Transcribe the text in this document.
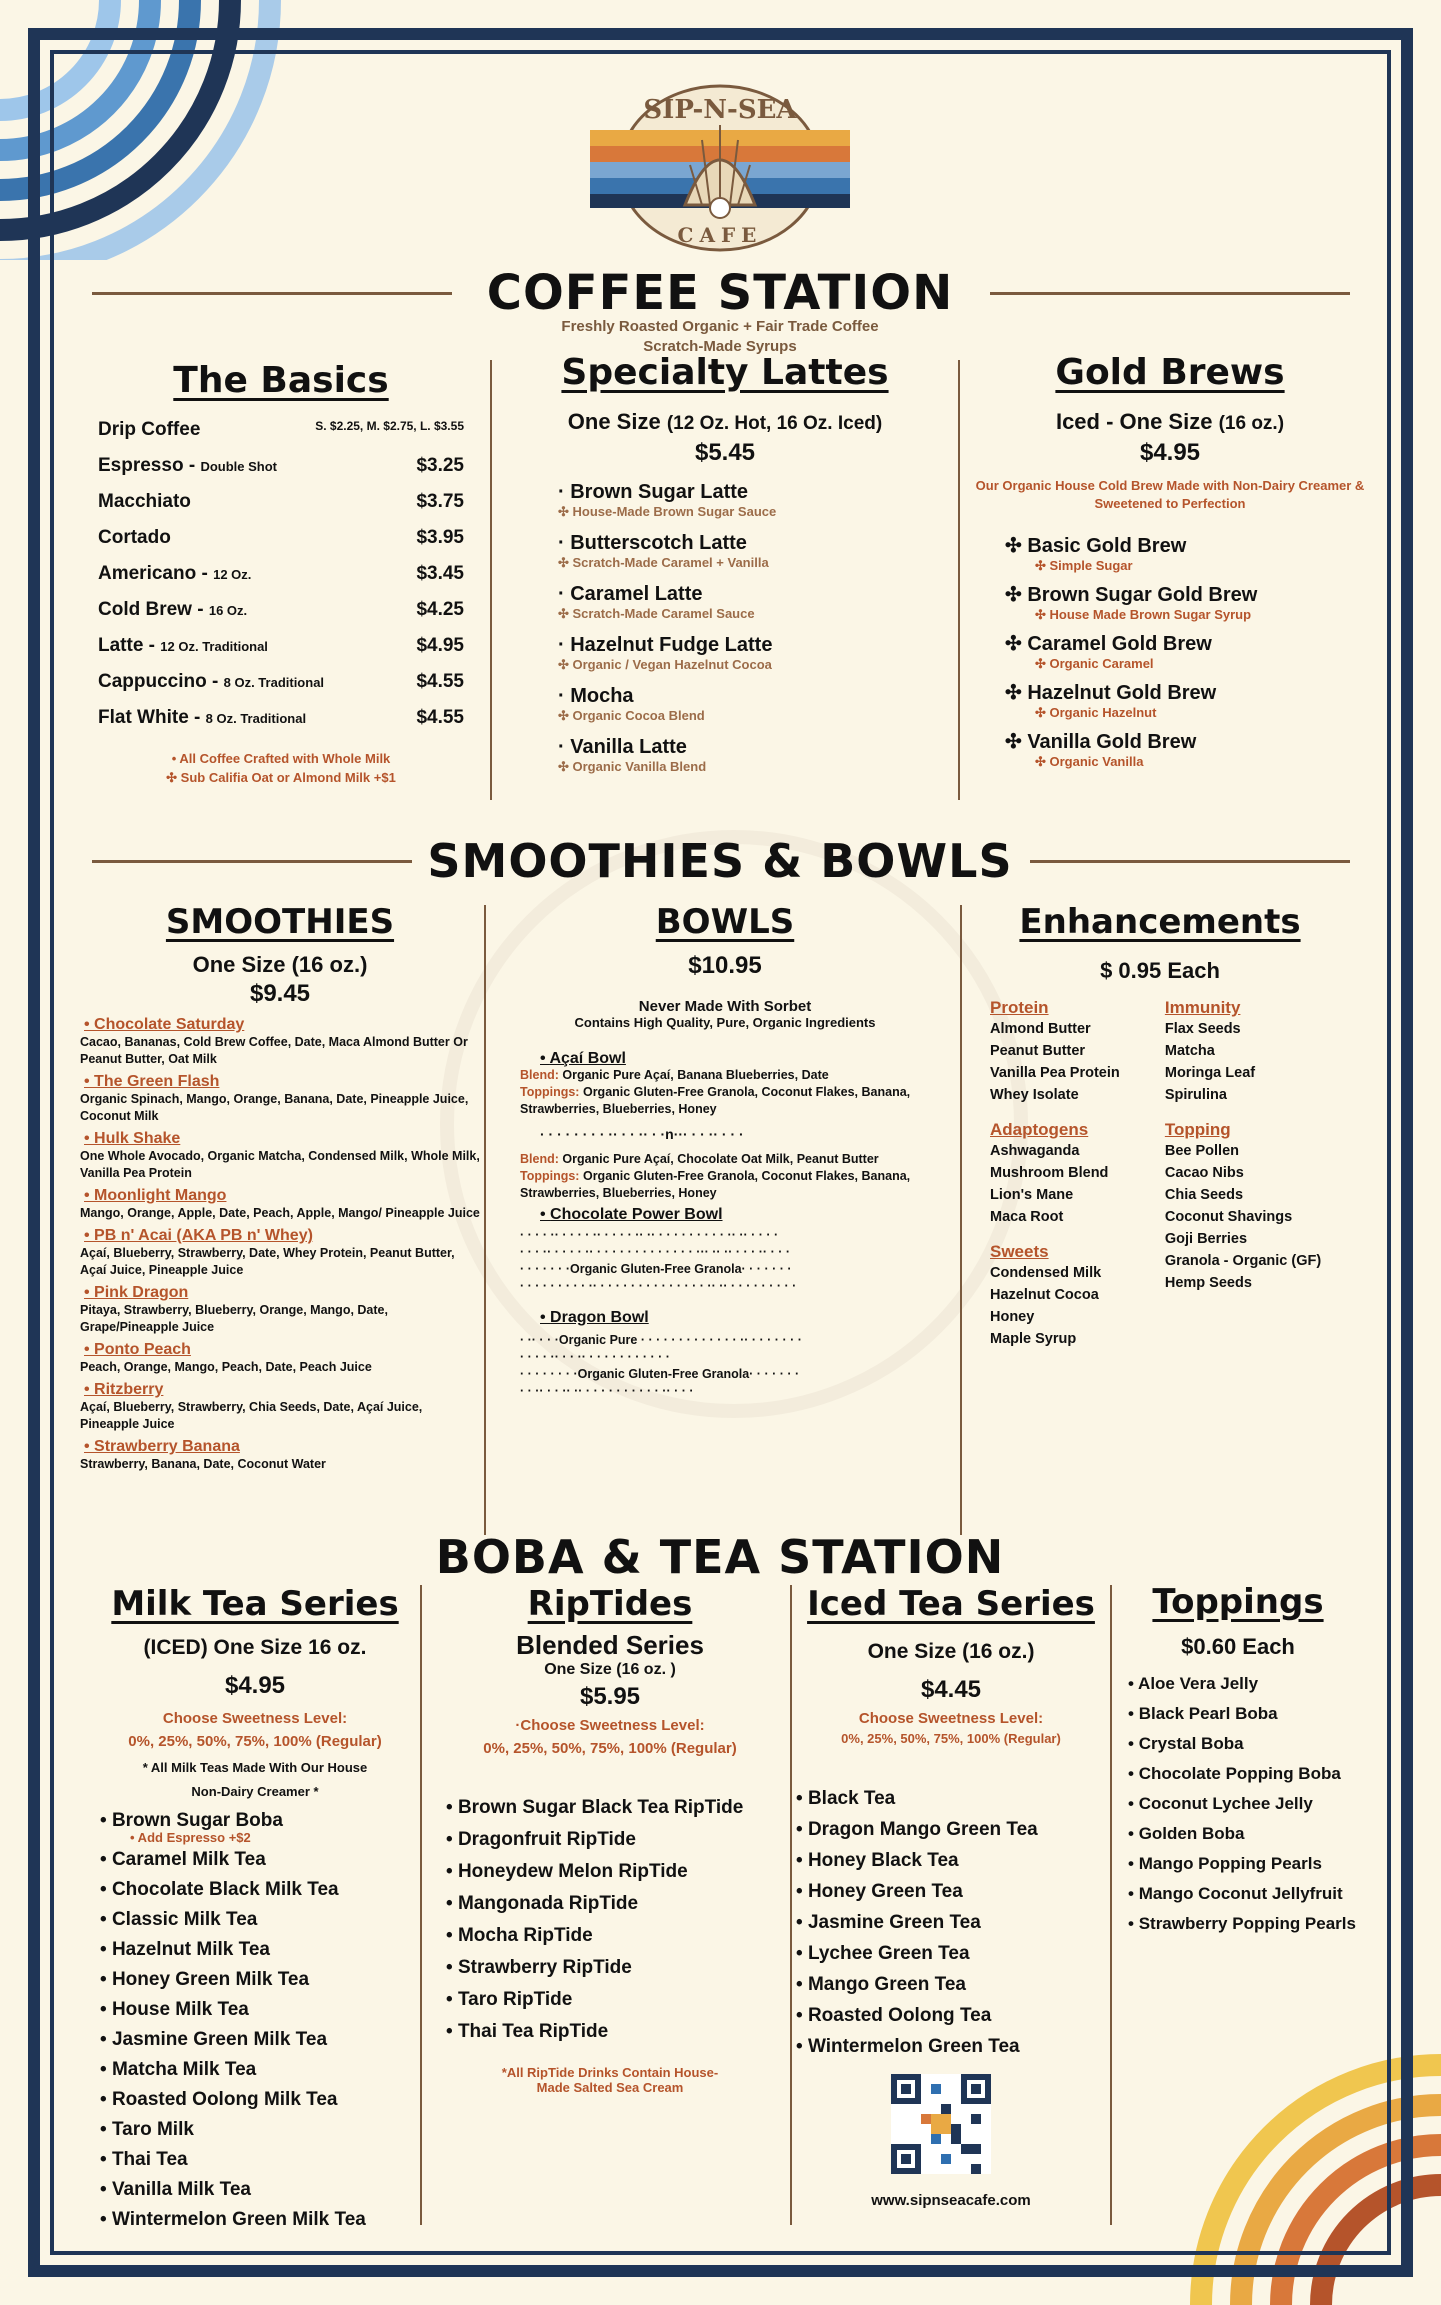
SIP-N-SEA
CAFE
COFFEE STATION
Freshly Roasted Organic + Fair Trade Coffee
Scratch-Made Syrups
The Basics
Drip Coffee	S. $2.25, M. $2.75, L. $3.55
Espresso - Double Shot	$3.25
Macchiato	$3.75
Cortado	$3.95
Americano - 12 Oz.	$3.45
Cold Brew - 16 Oz.	$4.25
Latte - 12 Oz. Traditional	$4.95
Cappuccino - 8 Oz. Traditional	$4.55
Flat White - 8 Oz. Traditional	$4.55
• All Coffee Crafted with Whole Milk
✣ Sub Califia Oat or Almond Milk +$1
Specialty Lattes
One Size (12 Oz. Hot, 16 Oz. Iced)
$5.45
· Brown Sugar Latte
✣ House-Made Brown Sugar Sauce
· Butterscotch Latte
✣ Scratch-Made Caramel + Vanilla
· Caramel Latte
✣ Scratch-Made Caramel Sauce
· Hazelnut Fudge Latte
✣ Organic / Vegan Hazelnut Cocoa
· Mocha
✣ Organic Cocoa Blend
· Vanilla Latte
✣ Organic Vanilla Blend
Gold Brews
Iced - One Size (16 oz.)
$4.95
Our Organic House Cold Brew Made with Non-Dairy Creamer & Sweetened to Perfection
✣ Basic Gold Brew
✣ Simple Sugar
✣ Brown Sugar Gold Brew
✣ House Made Brown Sugar Syrup
✣ Caramel Gold Brew
✣ Organic Caramel
✣ Hazelnut Gold Brew
✣ Organic Hazelnut
✣ Vanilla Gold Brew
✣ Organic Vanilla
SMOOTHIES & BOWLS
SMOOTHIES
One Size (16 oz.)
$9.45
• Chocolate Saturday
Cacao, Bananas, Cold Brew Coffee, Date, Maca Almond Butter Or Peanut Butter, Oat Milk
• The Green Flash
Organic Spinach, Mango, Orange, Banana, Date, Pineapple Juice, Coconut Milk
• Hulk Shake
One Whole Avocado, Organic Matcha, Condensed Milk, Whole Milk, Vanilla Pea Protein
• Moonlight Mango
Mango, Orange, Apple, Date, Peach, Apple, Mango/ Pineapple Juice
• PB n' Acai (AKA PB n' Whey)
Açaí, Blueberry, Strawberry, Date, Whey Protein, Peanut Butter, Açaí Juice, Pineapple Juice
• Pink Dragon
Pitaya, Strawberry, Blueberry, Orange, Mango, Date, Grape/Pineapple Juice
• Ponto Peach
Peach, Orange, Mango, Peach, Date, Peach Juice
• Ritzberry
Açaí, Blueberry, Strawberry, Chia Seeds, Date, Açaí Juice, Pineapple Juice
• Strawberry Banana
Strawberry, Banana, Date, Coconut Water
BOWLS
$10.95
Never Made With Sorbet
Contains High Quality, Pure, Organic Ingredients
• Açaí Bowl
Blend: Organic Pure Açaí, Banana Blueberries, Date
Toppings: Organic Gluten-Free Granola, Coconut Flakes, Banana, Strawberries, Blueberries, Honey
· · · · · · · · ·· · · ·· · ·n··· · · ·· · · ·
Blend: Organic Pure Açaí, Chocolate Oat Milk, Peanut Butter
Toppings: Organic Gluten-Free Granola, Coconut Flakes, Banana, Strawberries, Blueberries, Honey
• Chocolate Power Bowl
· · · · ·· · · · · ·· · · · · ·· ·· · · · · · · · · · ·· ·· · · · ·
· · · ·· · · · · ·· · · · · · · · · · · · · · ··· ·· ·· · · · ·· · · ·
· · · · · · ·Organic Gluten-Free Granola· · · · · · ·
· · · · · · · · · ·· · · · · · · · · · · · · · · ·· ·· · · · · · · · · ·
• Dragon Bowl
· ·· · · ·Organic Pure · · · · · · · · · · · · · ·· · · · · · · ·
· · · · ·· · · ·· · · · · · · · · · · ·
· · · · · · · ·Organic Gluten-Free Granola· · · · · · ·
· · ·· · · ·· ·· · · · · · · · · · · ·· · · ·
Enhancements
$ 0.95 Each
Protein
Almond Butter
Peanut Butter
Vanilla Pea Protein
Whey Isolate
Adaptogens
Ashwaganda
Mushroom Blend
Lion's Mane
Maca Root
Sweets
Condensed Milk
Hazelnut Cocoa
Honey
Maple Syrup
Immunity
Flax Seeds
Matcha
Moringa Leaf
Spirulina
Topping
Bee Pollen
Cacao Nibs
Chia Seeds
Coconut Shavings
Goji Berries
Granola - Organic (GF)
Hemp Seeds
BOBA & TEA STATION
Milk Tea Series
(ICED) One Size 16 oz.
$4.95
Choose Sweetness Level:
0%, 25%, 50%, 75%, 100% (Regular)
* All Milk Teas Made With Our House Non-Dairy Creamer *
• Brown Sugar Boba
• Add Espresso +$2
• Caramel Milk Tea
• Chocolate Black Milk Tea
• Classic Milk Tea
• Hazelnut Milk Tea
• Honey Green Milk Tea
• House Milk Tea
• Jasmine Green Milk Tea
• Matcha Milk Tea
• Roasted Oolong Milk Tea
• Taro Milk
• Thai Tea
• Vanilla Milk Tea
• Wintermelon Green Milk Tea
RipTides
Blended Series
One Size (16 oz. )
$5.95
·Choose Sweetness Level:
0%, 25%, 50%, 75%, 100% (Regular)
• Brown Sugar Black Tea RipTide
• Dragonfruit RipTide
• Honeydew Melon RipTide
• Mangonada RipTide
• Mocha RipTide
• Strawberry RipTide
• Taro RipTide
• Thai Tea RipTide
*All RipTide Drinks Contain House-Made Salted Sea Cream
Iced Tea Series
One Size (16 oz.)
$4.45
Choose Sweetness Level:
0%, 25%, 50%, 75%, 100% (Regular)
• Black Tea
• Dragon Mango Green Tea
• Honey Black Tea
• Honey Green Tea
• Jasmine Green Tea
• Lychee Green Tea
• Mango Green Tea
• Roasted Oolong Tea
• Wintermelon Green Tea
www.sipnseacafe.com
Toppings
$0.60 Each
• Aloe Vera Jelly
• Black Pearl Boba
• Crystal Boba
• Chocolate Popping Boba
• Coconut Lychee Jelly
• Golden Boba
• Mango Popping Pearls
• Mango Coconut Jellyfruit
• Strawberry Popping Pearls
